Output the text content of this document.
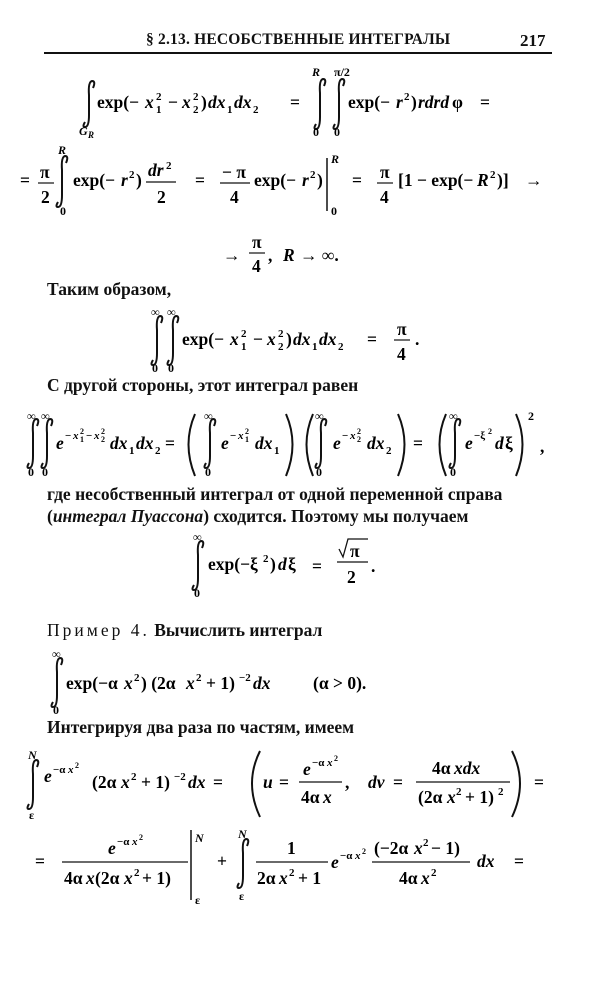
§ 2.13. НЕСОБСТВЕННЫЕ ИНТЕГРАЛЫ	217
G R
exp(− x 2
1 − x 2
2 ) dx 1 dx 2 =
R π/2
0 0
exp(− r 2 ) rdrd φ =
= π
2
R
0
exp(− r 2 ) dr 2
2
= − π
4
exp(− r 2 )
R
0
= π
4
[1 − exp(− R 2 )] →
→
π
4
, R → ∞.
Таким образом,
∞ ∞
0 0
exp(− x 2
1 − x 2
2 ) dx 1 dx 2 = π
4
.
С другой стороны, этот интеграл равен
∞ ∞
0 0
e − x 2
1 − x 2
2 dx 1 dx 2 =
∞
0
e − x 2
1 dx 1
∞
0
e − x 2
2 dx 2 =
∞
0
e −ξ 2
d ξ
2
,
где несобственный интеграл от одной переменной справа
(интеграл Пуассона) сходится. Поэтому мы получаем
∞
0
exp(−ξ 2 ) d ξ =
π
2
.
Пример 4. Вычислить интеграл
∞
0
exp(−α x 2 ) (2α x 2 + 1) −2 dx (α > 0).
Интегрируя два раза по частям, имеем
N
ε
e −α x 2
(2α x 2 + 1) −2 dx = u =
e −α x 2
4α x
, dv =
4α xdx
(2α x 2 + 1) 2 =
=
e −α x 2
4α x (2α x 2 + 1)
N
ε
+
N
ε
1
2α x 2 + 1
e −α x 2 (−2α x 2 − 1)
4α x 2
dx =
